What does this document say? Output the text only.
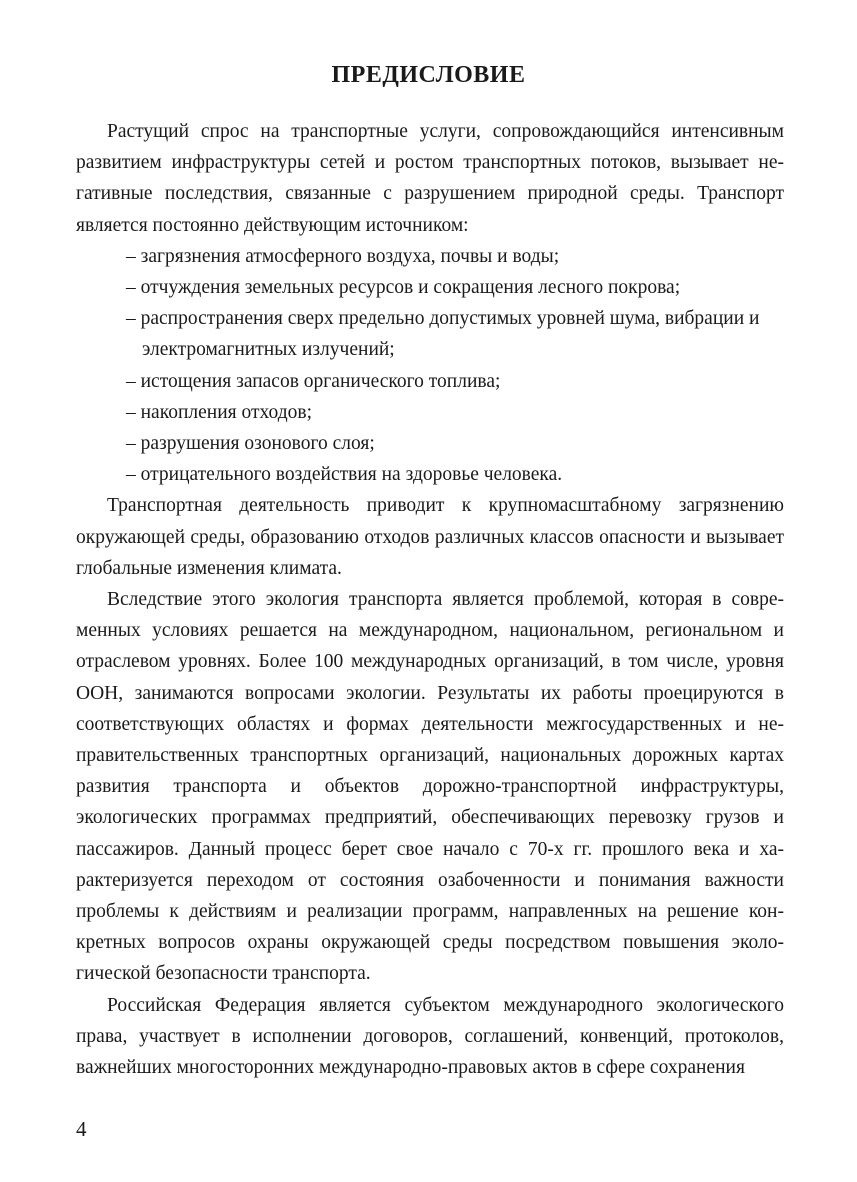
ПРЕДИСЛОВИЕ

Растущий спрос на транспортные услуги, сопровождающийся интенсивным развитием инфраструктуры сетей и ростом транспортных потоков, вызывает негативные последствия, связанные с разрушением природной среды. Транспорт является постоянно действующим источником:

– загрязнения атмосферного воздуха, почвы и воды;
– отчуждения земельных ресурсов и сокращения лесного покрова;
– распространения сверх предельно допустимых уровней шума, вибрации и электромагнитных излучений;
– истощения запасов органического топлива;
– накопления отходов;
– разрушения озонового слоя;
– отрицательного воздействия на здоровье человека.

Транспортная деятельность приводит к крупномасштабному загрязнению окружающей среды, образованию отходов различных классов опасности и вызывает глобальные изменения климата.

Вследствие этого экология транспорта является проблемой, которая в современных условиях решается на международном, национальном, региональном и отраслевом уровнях. Более 100 международных организаций, в том числе, уровня ООН, занимаются вопросами экологии. Результаты их работы проецируются в соответствующих областях и формах деятельности межгосударственных и неправительственных транспортных организаций, национальных дорожных картах развития транспорта и объектов дорожно-транспортной инфраструктуры, экологических программах предприятий, обеспечивающих перевозку грузов и пассажиров. Данный процесс берет свое начало с 70-х гг. прошлого века и характеризуется переходом от состояния озабоченности и понимания важности проблемы к действиям и реализации программ, направленных на решение конкретных вопросов охраны окружающей среды посредством повышения экологической безопасности транспорта.

Российская Федерация является субъектом международного экологического права, участвует в исполнении договоров, соглашений, конвенций, протоколов, важнейших многосторонних международно-правовых актов в сфере сохранения

4
